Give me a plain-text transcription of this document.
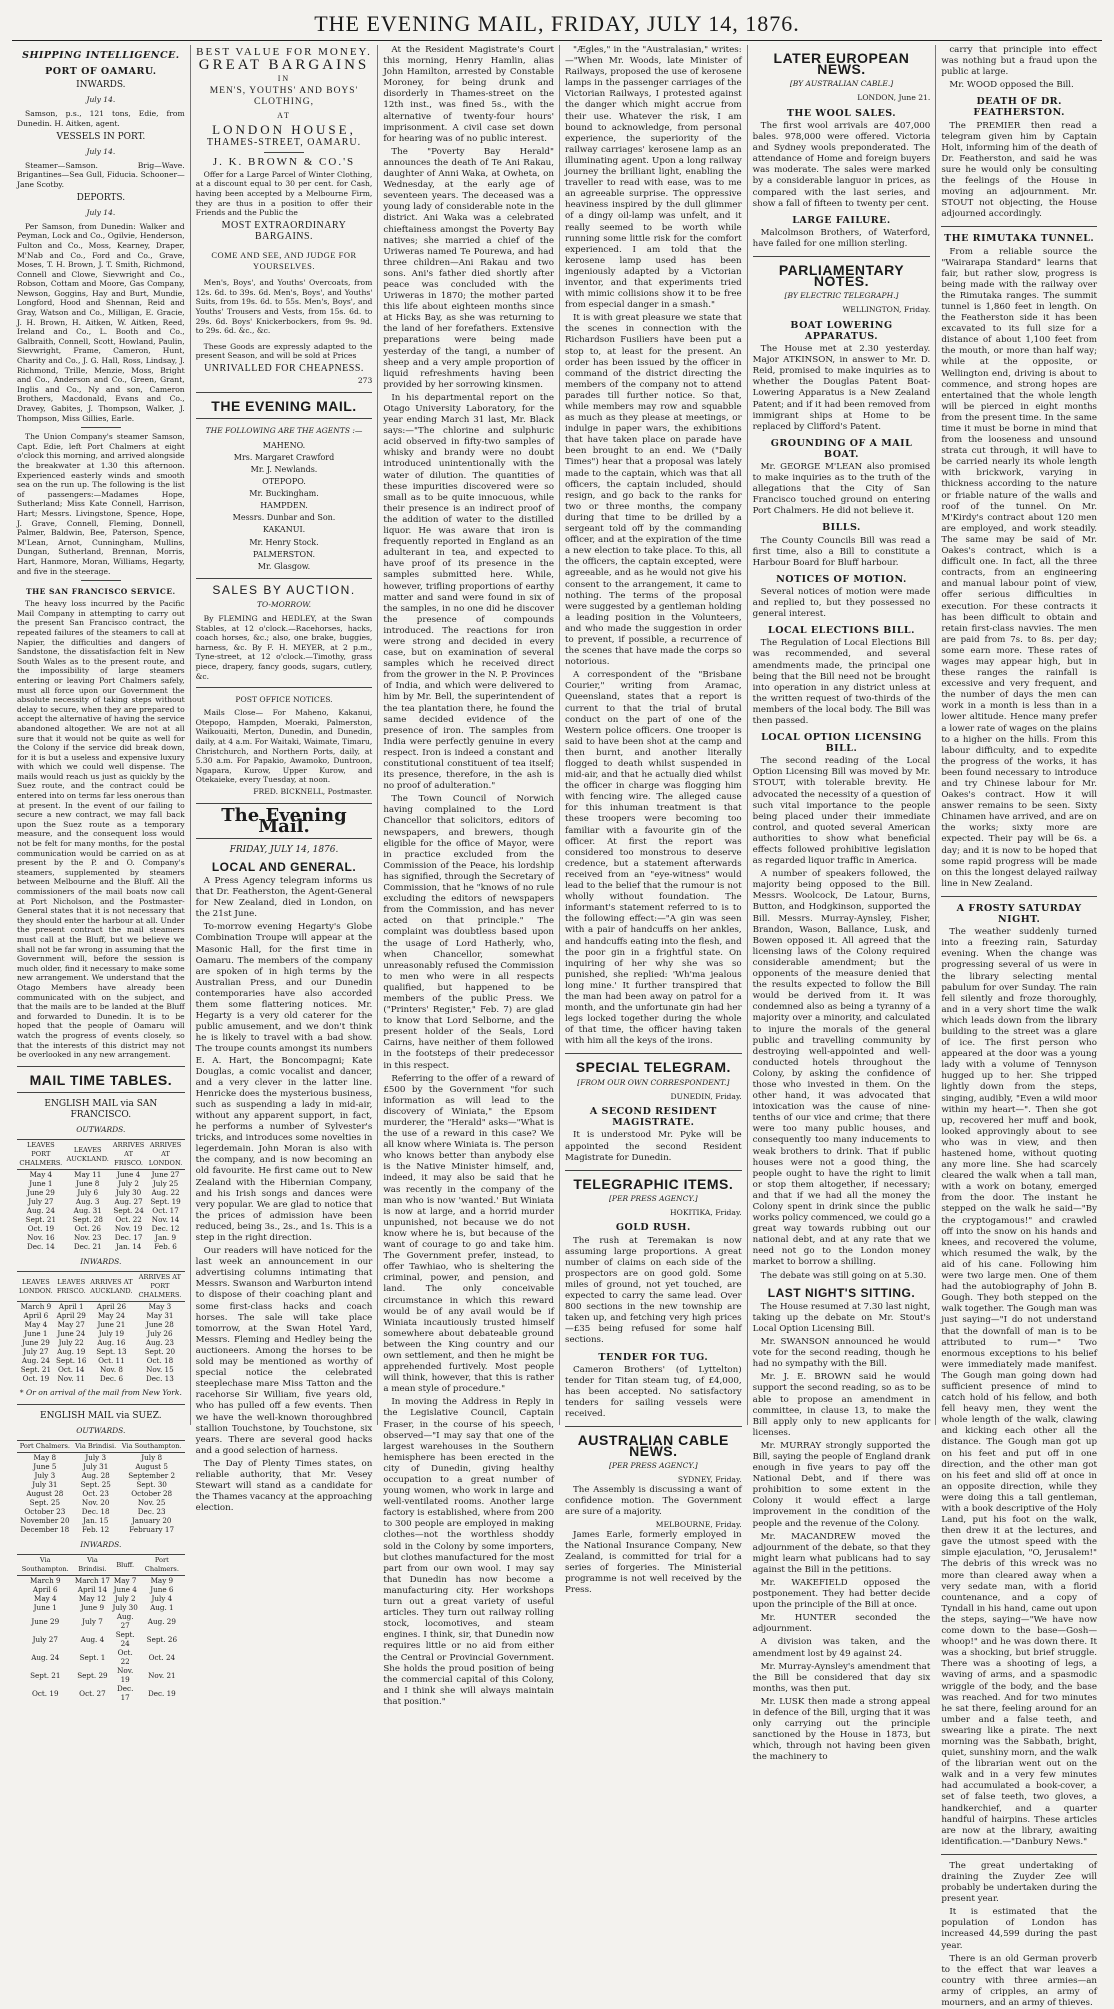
THE EVENING MAIL, FRIDAY, JULY 14, 1876.
SHIPPING INTELLIGENCE.
PORT OF OAMARU.
INWARDS.
July 14.

Samson, p.s., 121 tons, Edie, from Dunedin. H. Aitken, agent.

VESSELS IN PORT.
July 14.

Steamer—Samson. Brig—Wave. Brigantines—Sea Gull, Fiducia. Schooner—Jane Scotby.

DEPORTS.
July 14.

Per Samson, from Dunedin: Walker and Peyman, Lock and Co., Ogilvie, Henderson, Fulton and Co., Moss, Kearney, Draper, M'Nab and Co., Ford and Co., Grave, Moses, T. H. Brown, J. T. Smith, Richmond, Connell and Clowe, Sievwright and Co., Robson, Cottam and Moore, Gas Company, Newson, Goggins, Hay and Burt, Mundie, Longford, Hood and Shennan, Reid and Gray, Watson and Co., Milligan, E. Gracie, J. H. Brown, H. Aitken, W. Aitken, Reed, Ireland and Co., L. Booth and Co., Galbraith, Connell, Scott, Howland, Paulin, Sievwright, Frame, Cameron, Hunt, Charity and Co., J. G. Hall, Ross, Lindsay, J. Richmond, Trille, Menzie, Moss, Bright and Co., Anderson and Co., Green, Grant, Inglis and Co., Ny and son, Cameron Brothers, Macdonald, Evans and Co., Dravey, Gabites, J. Thompson, Walker, J. Thompson, Miss Gillies, Earle.

The Union Company's steamer Samson, Capt. Edie, left Port Chalmers at eight o'clock this morning, and arrived alongside the breakwater at 1.30 this afternoon. Experienced easterly winds and smooth sea on the run up. The following is the list of passengers:—Madames Hope, Sutherland; Miss Kate Connell, Harrison, Hart; Messrs. Livingstone, Spence, Hope, J. Grave, Connell, Fleming, Donnell, Palmer, Baldwin, Bee, Paterson, Spence, M'Lean, Arnot, Cunningham, Mullins, Dungan, Sutherland, Brennan, Morris, Hart, Hanmore, Moran, Williams, Hegarty, and five in the steerage.

THE SAN FRANCISCO SERVICE.

The heavy loss incurred by the Pacific Mail Company in attempting to carry out the present San Francisco contract, the repeated failures of the steamers to call at Napier, the difficulties and dangers of Sandstone, the dissatisfaction felt in New South Wales as to the present route, and the impossibility of large steamers entering or leaving Port Chalmers safely, must all force upon our Government the absolute necessity of taking steps without delay to secure, when they are prepared to accept the alternative of having the service abandoned altogether. We are not at all sure that it would not be quite as well for the Colony if the service did break down, for it is but a useless and expensive luxury with which we could well dispense. The mails would reach us just as quickly by the Suez route, and the contract could be entered into on terms far less onerous than at present. In the event of our failing to secure a new contract, we may fall back upon the Suez route as a temporary measure, and the consequent loss would not be felt for many months, for the postal communication would be carried on as at present by the P. and O. Company's steamers, supplemented by steamers between Melbourne and the Bluff. All the commissioners of the mail boats now call at Port Nicholson, and the Postmaster-General states that it is not necessary that they should enter the harbour at all. Under the present contract the mail steamers must call at the Bluff, but we believe we shall not be far wrong in assuming that the Government will, before the session is much older, find it necessary to make some new arrangement. We understand that the Otago Members have already been communicated with on the subject, and that the mails are to be landed at the Bluff and forwarded to Dunedin. It is to be hoped that the people of Oamaru will watch the progress of events closely, so that the interests of this district may not be overlooked in any new arrangement.

MAIL TIME TABLES.
ENGLISH MAIL via SAN FRANCISCO.
OUTWARDS.
LEAVES PORT CHALMERS.	LEAVES AUCKLAND.	ARRIVES AT FRISCO.	ARRIVES AT LONDON.
May 4	May 11	June 4	June 27
June 1	June 8	July 2	July 25
June 29	July 6	July 30	Aug. 22
July 27	Aug. 3	Aug. 27	Sept. 19
Aug. 24	Aug. 31	Sept. 24	Oct. 17
Sept. 21	Sept. 28	Oct. 22	Nov. 14
Oct. 19	Oct. 26	Nov. 19	Dec. 12
Nov. 16	Nov. 23	Dec. 17	Jan. 9
Dec. 14	Dec. 21	Jan. 14	Feb. 6
INWARDS.
LEAVES LONDON.	LEAVES FRISCO.	ARRIVES AT AUCKLAND.	ARRIVES AT PORT CHALMERS.
March 9	April 1	April 26	May 3
April 6	April 29	May 24	May 31
May 4	May 27	June 21	June 28
June 1	June 24	July 19	July 26
June 29	July 22	Aug. 16	Aug. 23
July 27	Aug. 19	Sept. 13	Sept. 20
Aug. 24	Sept. 16	Oct. 11	Oct. 18
Sept. 21	Oct. 14	Nov. 8	Nov. 15
Oct. 19	Nov. 11	Dec. 6	Dec. 13
* Or on arrival of the mail from New York.
ENGLISH MAIL via SUEZ.
OUTWARDS.
Port Chalmers.	Via Brindisi.	Via Southampton.
May 8	July 3	July 8
June 5	July 31	August 5
July 3	Aug. 28	September 2
July 31	Sept. 25	Sept. 30
August 28	Oct. 23	October 28
Sept. 25	Nov. 20	Nov. 25
October 23	Dec. 18	Dec. 23
November 20	Jan. 15	January 20
December 18	Feb. 12	February 17
INWARDS.
Via Southampton.	Via Brindisi.	Bluff.	Port Chalmers.
March 9	March 17	May 7	May 9
April 6	April 14	June 4	June 6
May 4	May 12	July 2	July 4
June 1	June 9	July 30	Aug. 1
June 29	July 7	Aug. 27	Aug. 29
July 27	Aug. 4	Sept. 24	Sept. 26
Aug. 24	Sept. 1	Oct. 22	Oct. 24
Sept. 21	Sept. 29	Nov. 19	Nov. 21
Oct. 19	Oct. 27	Dec. 17	Dec. 19
BEST VALUE FOR MONEY.
GREAT BARGAINS
IN
MEN'S, YOUTHS' AND BOYS' CLOTHING,
AT
LONDON HOUSE,
THAMES-STREET, OAMARU.
J. K. BROWN & CO.'S

Offer for a Large Parcel of Winter Clothing, at a discount equal to 30 per cent. for Cash, having been accepted by a Melbourne Firm, they are thus in a position to offer their Friends and the Public the

MOST EXTRAORDINARY BARGAINS.
COME AND SEE, AND JUDGE FOR YOURSELVES.

Men's, Boys', and Youths' Overcoats, from 12s. 6d. to 39s. 6d. Men's, Boys', and Youths' Suits, from 19s. 6d. to 55s. Men's, Boys', and Youths' Trousers and Vests, from 15s. 6d. to 29s. 6d. Boys' Knickerbockers, from 9s. 9d. to 29s. 6d. &c., &c.

These Goods are expressly adapted to the present Season, and will be sold at Prices

UNRIVALLED FOR CHEAPNESS.
273
THE EVENING MAIL.
THE FOLLOWING ARE THE AGENTS :—

MAHENO.

Mrs. Margaret Crawford

Mr. J. Newlands.

OTEPOPO.

Mr. Buckingham.

HAMPDEN.

Messrs. Dunbar and Son.

KAKANUI.

Mr. Henry Stock.

PALMERSTON.

Mr. Glasgow.

SALES BY AUCTION.
TO-MORROW.

By FLEMING and HEDLEY, at the Swan Stables, at 12 o'clock.—Racehorses, hacks, coach horses, &c.; also, one brake, buggies, harness, &c. By F. H. MEYER, at 2 p.m., Tyne-street, at 12 o'clock.—Timothy, grass piece, drapery, fancy goods, sugars, cutlery, &c.

POST OFFICE NOTICES.

Mails Close— For Maheno, Kakanui, Otepopo, Hampden, Moeraki, Palmerston, Waikouaiti, Merton, Dunedin, and Dunedin, daily, at 4 a.m. For Waitaki, Waimate, Timaru, Christchurch, and Northern Ports, daily, at 5.30 a.m. For Papakio, Awamoko, Duntroon, Ngapara, Kurow, Upper Kurow, and Otekaieke, every Tuesday, at noon.

FRED. BICKNELL, Postmaster.
The Evening Mail.
FRIDAY, JULY 14, 1876.
LOCAL AND GENERAL.

A Press Agency telegram informs us that Dr. Featherston, the Agent-General for New Zealand, died in London, on the 21st June.

To-morrow evening Hegarty's Globe Combination Troupe will appear at the Masonic Hall, for the first time in Oamaru. The members of the company are spoken of in high terms by the Australian Press, and our Dunedin contemporaries have also accorded them some flattering notices. Mr. Hegarty is a very old caterer for the public amusement, and we don't think he is likely to travel with a bad show. The troupe counts amongst its numbers E. A. Hart, the Boncompagni; Kate Douglas, a comic vocalist and dancer, and a very clever in the latter line. Henricke does the mysterious business, such as suspending a lady in mid-air, without any apparent support, in fact, he performs a number of Sylvester's tricks, and introduces some novelties in legerdemain. John Moran is also with the company, and is now becoming an old favourite. He first came out to New Zealand with the Hibernian Company, and his Irish songs and dances were very popular. We are glad to notice that the prices of admission have been reduced, being 3s., 2s., and 1s. This is a step in the right direction.

Our readers will have noticed for the last week an announcement in our advertising columns intimating that Messrs. Swanson and Warburton intend to dispose of their coaching plant and some first-class hacks and coach horses. The sale will take place tomorrow, at the Swan Hotel Yard, Messrs. Fleming and Hedley being the auctioneers. Among the horses to be sold may be mentioned as worthy of special notice the celebrated steeplechase mare Miss Tatton and the racehorse Sir William, five years old, who has pulled off a few events. Then we have the well-known thoroughbred stallion Touchstone, by Touchstone, six years. There are several good hacks and a good selection of harness.

The Day of Plenty Times states, on reliable authority, that Mr. Vesey Stewart will stand as a candidate for the Thames vacancy at the approaching election.

At the Resident Magistrate's Court this morning, Henry Hamlin, alias John Hamilton, arrested by Constable Moroney, for being drunk and disorderly in Thames-street on the 12th inst., was fined 5s., with the alternative of twenty-four hours' imprisonment. A civil case set down for hearing was of no public interest.

The "Poverty Bay Herald" announces the death of Te Ani Rakau, daughter of Anni Waka, at Owheta, on Wednesday, at the early age of seventeen years. The deceased was a young lady of considerable note in the district. Ani Waka was a celebrated chieftainess amongst the Poverty Bay natives; she married a chief of the Uriweras named Te Pourewa, and had three children—Ani Rakau and two sons. Ani's father died shortly after peace was concluded with the Uriweras in 1870; the mother parted this life about eighteen months since at Hicks Bay, as she was returning to the land of her forefathers. Extensive preparations were being made yesterday of the tangi, a number of sheep and a very ample proportion of liquid refreshments having been provided by her sorrowing kinsmen.

In his departmental report on the Otago University Laboratory, for the year ending March 31 last, Mr. Black says:—"The chlorine and sulphuric acid observed in fifty-two samples of whisky and brandy were no doubt introduced unintentionally with the water of dilution. The quantities of these impurities discovered were so small as to be quite innocuous, while their presence is an indirect proof of the addition of water to the distilled liquor. He was aware that iron is frequently reported in England as an adulterant in tea, and expected to have proof of its presence in the samples submitted here. While, however, trifling proportions of earthy matter and sand were found in six of the samples, in no one did he discover the presence of compounds introduced. The reactions for iron were strong and decided in every case, but on examination of several samples which he received direct from the grower in the N. P. Provinces of India, and which were delivered to him by Mr. Bell, the superintendent of the tea plantation there, he found the same decided evidence of the presence of iron. The samples from India were perfectly genuine in every respect. Iron is indeed a constant and constitutional constituent of tea itself; its presence, therefore, in the ash is no proof of adulteration."

The Town Council of Norwich having complained to the Lord Chancellor that solicitors, editors of newspapers, and brewers, though eligible for the office of Mayor, were in practice excluded from the Commission of the Peace, his lordship has signified, through the Secretary of Commission, that he "knows of no rule excluding the editors of newspapers from the Commission, and has never acted on that principle." The complaint was doubtless based upon the usage of Lord Hatherly, who, when Chancellor, somewhat unreasonably refused the Commission to men who were in all respects qualified, but happened to be members of the public Press. We ("Printers' Register," Feb. 7) are glad to know that Lord Selborne, and the present holder of the Seals, Lord Cairns, have neither of them followed in the footsteps of their predecessor in this respect.

Referring to the offer of a reward of £500 by the Government "for such information as will lead to the discovery of Winiata," the Epsom murderer, the "Herald" asks—"What is the use of a reward in this case? We all know where Winiata is. The person who knows better than anybody else is the Native Minister himself, and, indeed, it may also be said that he was recently in the company of the man who is now 'wanted.' But Winiata is now at large, and a horrid murder unpunished, not because we do not know where he is, but because of the want of courage to go and take him. The Government prefer, instead, to offer Tawhiao, who is sheltering the criminal, power, and pension, and land. The only conceivable circumstance in which this reward would be of any avail would be if Winiata incautiously trusted himself somewhere about debateable ground between the King country and our own settlement, and then he might be apprehended furtively. Most people will think, however, that this is rather a mean style of procedure."

In moving the Address in Reply in the Legislative Council, Captain Fraser, in the course of his speech, observed—"I may say that one of the largest warehouses in the Southern hemisphere has been erected in the city of Dunedin, giving healthy occupation to a great number of young women, who work in large and well-ventilated rooms. Another large factory is established, where from 200 to 300 people are employed in making clothes—not the worthless shoddy sold in the Colony by some importers, but clothes manufactured for the most part from our own wool. I may say that Dunedin has now become a manufacturing city. Her workshops turn out a great variety of useful articles. They turn out railway rolling stock, locomotives, and steam engines. I think, sir, that Dunedin now requires little or no aid from either the Central or Provincial Government. She holds the proud position of being the commercial capital of this Colony, and I think she will always maintain that position."

"Ægles," in the "Australasian," writes:—"When Mr. Woods, late Minister of Railways, proposed the use of kerosene lamps in the passenger carriages of the Victorian Railways, I protested against the danger which might accrue from their use. Whatever the risk, I am bound to acknowledge, from personal experience, the superiority of the railway carriages' kerosene lamp as an illuminating agent. Upon a long railway journey the brilliant light, enabling the traveller to read with ease, was to me an agreeable surprise. The oppressive heaviness inspired by the dull glimmer of a dingy oil-lamp was unfelt, and it really seemed to be worth while running some little risk for the comfort experienced. I am told that the kerosene lamp used has been ingeniously adapted by a Victorian inventor, and that experiments tried with mimic collisions show it to be free from especial danger in a smash."

It is with great pleasure we state that the scenes in connection with the Richardson Fusiliers have been put a stop to, at least for the present. An order has been issued by the officer in command of the district directing the members of the company not to attend parades till further notice. So that, while members may row and squabble as much as they please at meetings, or indulge in paper wars, the exhibitions that have taken place on parade have been brought to an end. We ("Daily Times") hear that a proposal was lately made to the captain, which was that all officers, the captain included, should resign, and go back to the ranks for two or three months, the company during that time to be drilled by a sergeant told off by the commanding officer, and at the expiration of the time a new election to take place. To this, all the officers, the captain excepted, were agreeable, and as he would not give his consent to the arrangement, it came to nothing. The terms of the proposal were suggested by a gentleman holding a leading position in the Volunteers, and who made the suggestion in order to prevent, if possible, a recurrence of the scenes that have made the corps so notorious.

A correspondent of the "Brisbane Courier," writing from Aramac, Queensland, states that a report is current to that the trial of brutal conduct on the part of one of the Western police officers. One trooper is said to have been shot at the camp and then burnt, and another literally flogged to death whilst suspended in mid-air, and that he actually died whilst the officer in charge was flogging him with fencing wire. The alleged cause for this inhuman treatment is that these troopers were becoming too familiar with a favourite gin of the officer. At first the report was considered too monstrous to deserve credence, but a statement afterwards received from an "eye-witness" would lead to the belief that the rumour is not wholly without foundation. The informant's statement referred to is to the following effect:—"A gin was seen with a pair of handcuffs on her ankles, and handcuffs eating into the flesh, and the poor gin in a frightful state. On inquiring of her why she was so punished, she replied: 'Wh'ma jealous long mine.' It further transpired that the man had been away on patrol for a month, and the unfortunate gin had her legs locked together during the whole of that time, the officer having taken with him all the keys of the irons.

SPECIAL TELEGRAM.
[FROM OUR OWN CORRESPONDENT.]
DUNEDIN, Friday.
A SECOND RESIDENT MAGISTRATE.

It is understood Mr. Pyke will be appointed the second Resident Magistrate for Dunedin.

TELEGRAPHIC ITEMS.
[PER PRESS AGENCY.]
HOKITIKA, Friday.
GOLD RUSH.

The rush at Teremakan is now assuming large proportions. A great number of claims on each side of the prospectors are on good gold. Some miles of ground, not yet touched, are expected to carry the same lead. Over 800 sections in the new township are taken up, and fetching very high prices—£35 being refused for some half sections.

TENDER FOR TUG.

Cameron Brothers' (of Lyttelton) tender for Titan steam tug, of £4,000, has been accepted. No satisfactory tenders for sailing vessels were received.

AUSTRALIAN CABLE NEWS.
[PER PRESS AGENCY.]
SYDNEY, Friday.

The Assembly is discussing a want of confidence motion. The Government are sure of a majority.

MELBOURNE, Friday.

James Earle, formerly employed in the National Insurance Company, New Zealand, is committed for trial for a series of forgeries. The Ministerial programme is not well received by the Press.

LATER EUROPEAN NEWS.
[BY AUSTRALIAN CABLE.]
LONDON, June 21.
THE WOOL SALES.

The first wool arrivals are 407,000 bales. 978,000 were offered. Victoria and Sydney wools preponderated. The attendance of Home and foreign buyers was moderate. The sales were marked by a considerable languor in prices, as compared with the last series, and show a fall of fifteen to twenty per cent.

LARGE FAILURE.

Malcolmson Brothers, of Waterford, have failed for one million sterling.

PARLIAMENTARY NOTES.
[BY ELECTRIC TELEGRAPH.]
WELLINGTON, Friday.
BOAT LOWERING APPARATUS.

The House met at 2.30 yesterday. Major ATKINSON, in answer to Mr. D. Reid, promised to make inquiries as to whether the Douglas Patent Boat-Lowering Apparatus is a New Zealand Patent; and if it had been removed from immigrant ships at Home to be replaced by Clifford's Patent.

GROUNDING OF A MAIL BOAT.

Mr. GEORGE M'LEAN also promised to make inquiries as to the truth of the allegations that the City of San Francisco touched ground on entering Port Chalmers. He did not believe it.

BILLS.

The County Councils Bill was read a first time, also a Bill to constitute a Harbour Board for Bluff harbour.

NOTICES OF MOTION.

Several notices of motion were made and replied to, but they possessed no general interest.

LOCAL ELECTIONS BILL.

The Regulation of Local Elections Bill was recommended, and several amendments made, the principal one being that the Bill need not be brought into operation in any district unless at the written request of two-thirds of the members of the local body. The Bill was then passed.

LOCAL OPTION LICENSING BILL.

The second reading of the Local Option Licensing Bill was moved by Mr. STOUT, with tolerable brevity. He advocated the necessity of a question of such vital importance to the people being placed under their immediate control, and quoted several American authorities to show what beneficial effects followed prohibitive legislation as regarded liquor traffic in America.

A number of speakers followed, the majority being opposed to the Bill. Messrs. Woolcock, De Latour, Burns, Button, and Hodgkinson, supported the Bill. Messrs. Murray-Aynsley, Fisher, Brandon, Wason, Ballance, Lusk, and Bowen opposed it. All agreed that the licensing laws of the Colony required considerable amendment; but the opponents of the measure denied that the results expected to follow the Bill would be derived from it. It was condemned also as being a tyranny of a majority over a minority, and calculated to injure the morals of the general public and travelling community by destroying well-appointed and well-conducted hotels throughout the Colony, by asking the confidence of those who invested in them. On the other hand, it was advocated that intoxication was the cause of nine-tenths of our vice and crime; that there were too many public houses, and consequently too many inducements to weak brothers to drink. That if public houses were not a good thing, the people ought to have the right to limit or stop them altogether, if necessary; and that if we had all the money the Colony spent in drink since the public works policy commenced, we could go a great way towards rubbing out our national debt, and at any rate that we need not go to the London money market to borrow a shilling.

The debate was still going on at 5.30.

LAST NIGHT'S SITTING.

The House resumed at 7.30 last night, taking up the debate on Mr. Stout's Local Option Licensing Bill.

Mr. SWANSON announced he would vote for the second reading, though he had no sympathy with the Bill.

Mr. J. E. BROWN said he would support the second reading, so as to be able to propose an amendment in committee, in clause 13, to make the Bill apply only to new applicants for licenses.

Mr. MURRAY strongly supported the Bill, saying the people of England drank enough in five years to pay off the National Debt, and if there was prohibition to some extent in the Colony it would effect a large improvement in the condition of the people and the revenue of the Colony.

Mr. MACANDREW moved the adjournment of the debate, so that they might learn what publicans had to say against the Bill in the petitions.

Mr. WAKEFIELD opposed the postponement. They had better decide upon the principle of the Bill at once.

Mr. HUNTER seconded the adjournment.

A division was taken, and the amendment lost by 49 against 24.

Mr. Murray-Aynsley's amendment that the Bill be considered that day six months, was then put.

Mr. LUSK then made a strong appeal in defence of the Bill, urging that it was only carrying out the principle sanctioned by the House in 1873, but which, through not having been given the machinery to

carry that principle into effect was nothing but a fraud upon the public at large.

Mr. WOOD opposed the Bill.

DEATH OF DR. FEATHERSTON.

The PREMIER then read a telegram given him by Captain Holt, informing him of the death of Dr. Featherston, and said he was sure he would only be consulting the feelings of the House in moving an adjournment. Mr. STOUT not objecting, the House adjourned accordingly.

THE RIMUTAKA TUNNEL.

From a reliable source the "Wairarapa Standard" learns that fair, but rather slow, progress is being made with the railway over the Rimutaka ranges. The summit tunnel is 1,860 feet in length. On the Featherston side it has been excavated to its full size for a distance of about 1,100 feet from the mouth, or more than half way; while at the opposite, or Wellington end, driving is about to commence, and strong hopes are entertained that the whole length will be pierced in eight months from the present time. In the same time it must be borne in mind that from the looseness and unsound strata cut through, it will have to be carried nearly its whole length with brickwork, varying in thickness according to the nature or friable nature of the walls and roof of the tunnel. On Mr. M'Kirdy's contract about 120 men are employed, and work steadily. The same may be said of Mr. Oakes's contract, which is a difficult one. In fact, all the three contracts, from an engineering and manual labour point of view, offer serious difficulties in execution. For these contracts it has been difficult to obtain and retain first-class navvies. The men are paid from 7s. to 8s. per day; some earn more. These rates of wages may appear high, but in these ranges the rainfall is excessive and very frequent, and the number of days the men can work in a month is less than in a lower altitude. Hence many prefer a lower rate of wages on the plains to a higher on the hills. From this labour difficulty, and to expedite the progress of the works, it has been found necessary to introduce and try Chinese labour for Mr. Oakes's contract. How it will answer remains to be seen. Sixty Chinamen have arrived, and are on the works; sixty more are expected. Their pay will be 6s. a day; and it is now to be hoped that some rapid progress will be made on this the longest delayed railway line in New Zealand.

A FROSTY SATURDAY NIGHT.

The weather suddenly turned into a freezing rain, Saturday evening. When the change was progressing several of us were in the library selecting mental pabulum for over Sunday. The rain fell silently and froze thoroughly, and in a very short time the walk which leads down from the library building to the street was a glare of ice. The first person who appeared at the door was a young lady with a volume of Tennyson hugged up to her. She tripped lightly down from the steps, singing, audibly, "Even a wild moor within my heart—". Then she got up, recovered her muff and book, looked approvingly about to see who was in view, and then hastened home, without quoting any more line. She had scarcely cleared the walk when a tall man, with a work on botany, emerged from the door. The instant he stepped on the walk he said—"By the cryptogamous!" and crawled off into the snow on his hands and knees, and recovered the volume, which resumed the walk, by the aid of his cane. Following him were two large men. One of them had the autobiography of John B. Gough. They both stepped on the walk together. The Gough man was just saying—"I do not understand that the downfall of man is to be attributed to rum—" Two enormous exceptions to his belief were immediately made manifest. The Gough man going down had sufficient presence of mind to catch hold of his fellow, and both fell heavy men, they went the whole length of the walk, clawing and kicking each other all the distance. The Gough man got up on his feet and put off in one direction, and the other man got on his feet and slid off at once in an opposite direction, while they were doing this a tall gentleman, with a book descriptive of the Holy Land, put his foot on the walk, then drew it at the lectures, and gave the utmost speed with the simple ejaculation, "O, Jerusalem!" The debris of this wreck was no more than cleared away when a very sedate man, with a florid countenance, and a copy of Tyndall in his hand, came out upon the steps, saying—"We have now come down to the base—Gosh—whoop!" and he was down there. It was a shocking, but brief struggle. There was a shooting of legs, a waving of arms, and a spasmodic wriggle of the body, and the base was reached. And for two minutes he sat there, feeling around for an umber and a false teeth, and swearing like a pirate. The next morning was the Sabbath, bright, quiet, sunshiny morn, and the walk of the librarian went out on the walk and in a very few minutes had accumulated a book-cover, a set of false teeth, two gloves, a handkerchief, and a quarter handful of hairpins. These articles are now at the library, awaiting identification.—"Danbury News."

The great undertaking of draining the Zuyder Zee will probably be undertaken during the present year.

It is estimated that the population of London has increased 44,599 during the past year.

There is an old German proverb to the effect that war leaves a country with three armies—an army of cripples, an army of mourners, and an army of thieves.
